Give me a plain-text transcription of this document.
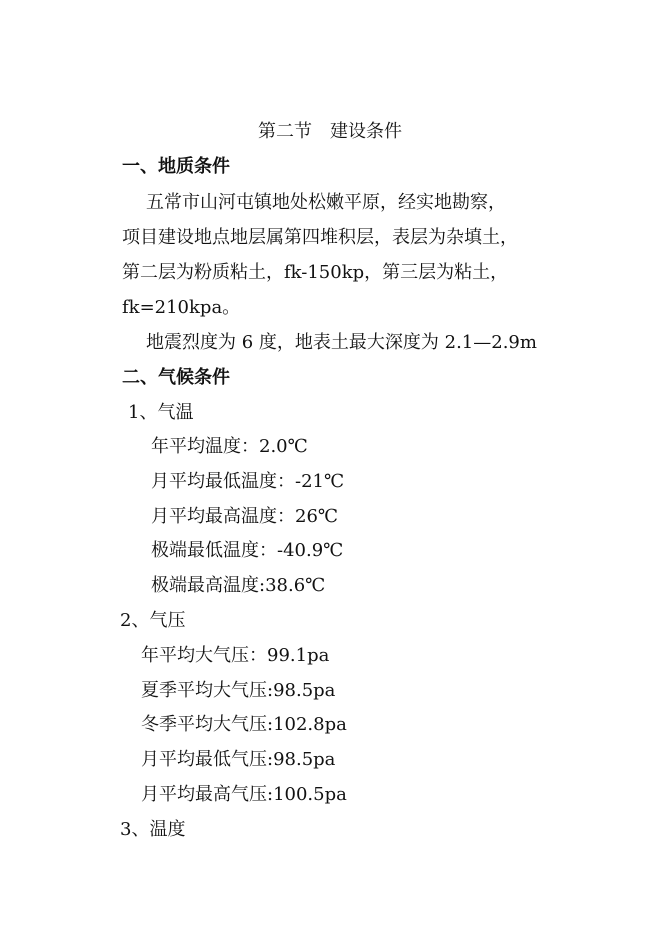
第二节　建设条件
一、地质条件
五常市山河屯镇地处松嫩平原，经实地勘察，
项目建设地点地层属第四堆积层，表层为杂填土，
第二层为粉质粘土，fk-150kp，第三层为粘土，
fk=210kpa。
地震烈度为 6 度，地表土最大深度为 2.1—2.9m
二、气候条件
1、气温
年平均温度：2.0℃
月平均最低温度：-21℃
月平均最高温度：26℃
极端最低温度：-40.9℃
极端最高温度:38.6℃
2、气压
年平均大气压：99.1pa
夏季平均大气压:98.5pa
冬季平均大气压:102.8pa
月平均最低气压:98.5pa
月平均最高气压:100.5pa
3、温度
